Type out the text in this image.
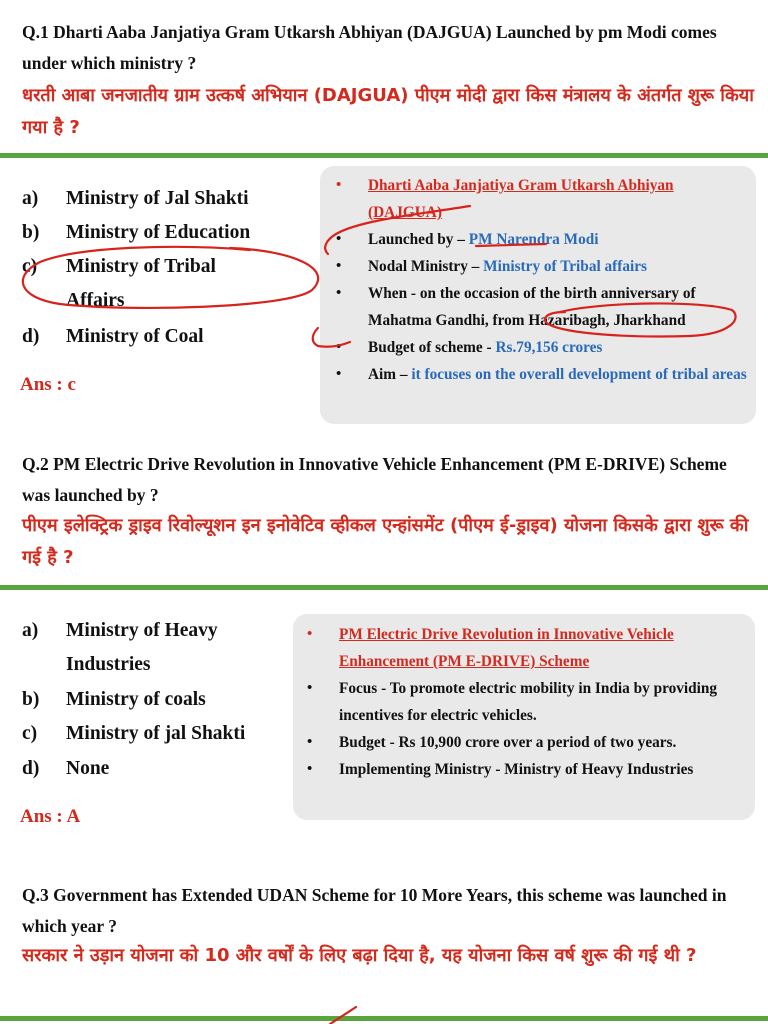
Q.1 Dharti Aaba Janjatiya Gram Utkarsh Abhiyan (DAJGUA) Launched by pm Modi comes under which ministry ?
धरती आबा जनजातीय ग्राम उत्कर्ष अभियान (DAJGUA) पीएम मोदी द्वारा किस मंत्रालय के अंतर्गत शुरू किया गया है ?
a)	Ministry of Jal Shakti
b)	Ministry of Education
c)	Ministry of Tribal Affairs
d)	Ministry of Coal
Ans : c
• Dharti Aaba Janjatiya Gram Utkarsh Abhiyan (DAJGUA)
• Launched by – PM Narendra Modi
• Nodal Ministry – Ministry of Tribal affairs
• When - on the occasion of the birth anniversary of Mahatma Gandhi, from Hazaribagh, Jharkhand
• Budget of scheme - Rs.79,156 crores
• Aim – it focuses on the overall development of tribal areas
Q.2 PM Electric Drive Revolution in Innovative Vehicle Enhancement (PM E-DRIVE) Scheme was launched by ?
पीएम इलेक्ट्रिक ड्राइव रिवोल्यूशन इन इनोवेटिव व्हीकल एन्हांसमेंट (पीएम ई-ड्राइव) योजना किसके द्वारा शुरू की गई है ?
a)	Ministry of Heavy Industries
b)	Ministry of coals
c)	Ministry of jal Shakti
d)	None
Ans : A
• PM Electric Drive Revolution in Innovative Vehicle Enhancement (PM E-DRIVE) Scheme
• Focus - To promote electric mobility in India by providing incentives for electric vehicles.
• Budget - Rs 10,900 crore over a period of two years.
• Implementing Ministry - Ministry of Heavy Industries
Q.3 Government has Extended UDAN Scheme for 10 More Years, this scheme was launched in which year ?
सरकार ने उड़ान योजना को 10 और वर्षों के लिए बढ़ा दिया है, यह योजना किस वर्ष शुरू की गई थी ?
